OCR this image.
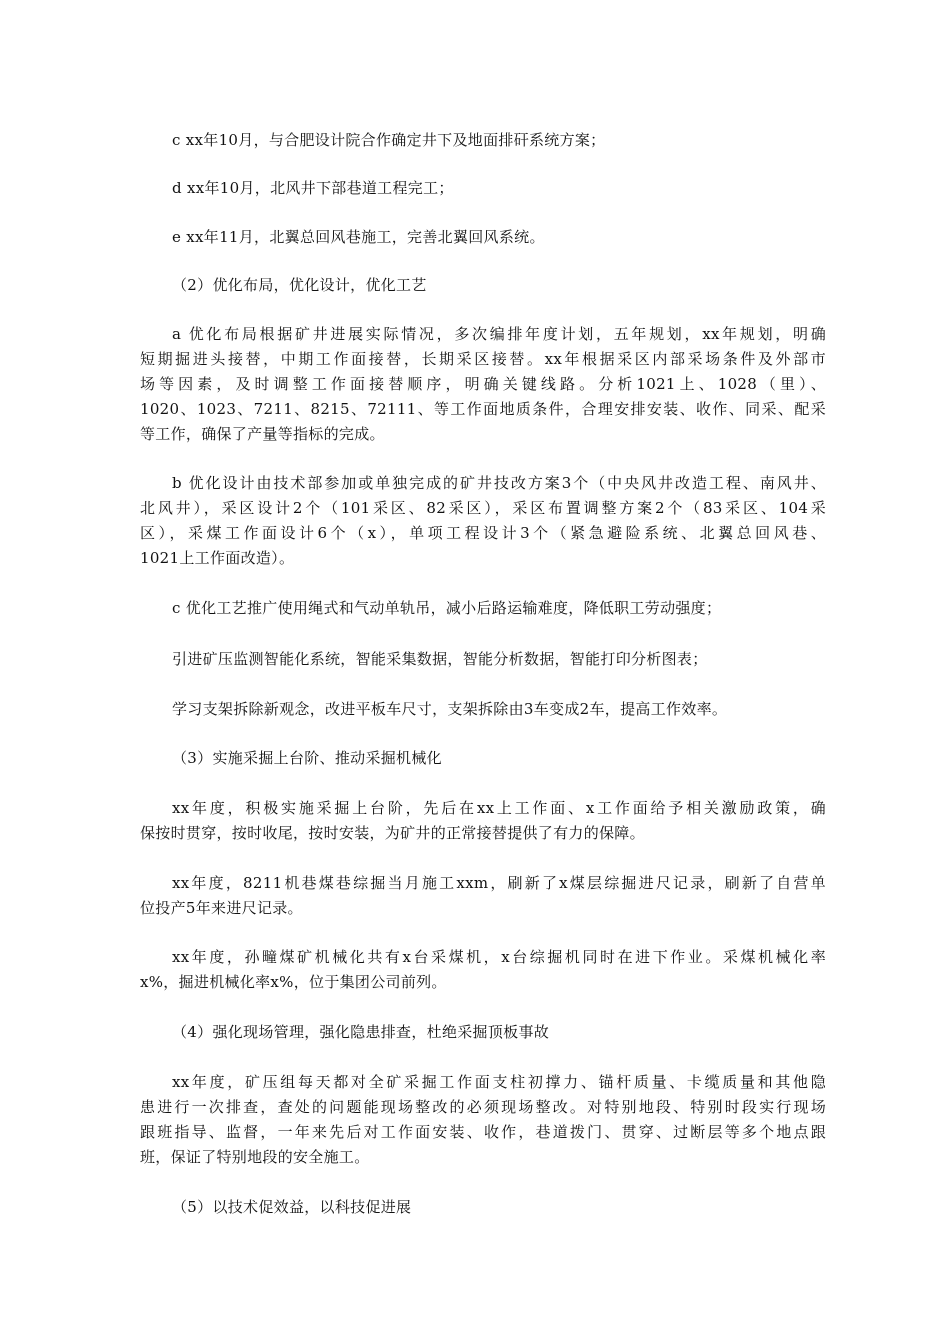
c xx年10月，与合肥设计院合作确定井下及地面排矸系统方案；
d xx年10月，北风井下部巷道工程完工；
e xx年11月，北翼总回风巷施工，完善北翼回风系统。
（2）优化布局，优化设计，优化工艺
a 优化布局根据矿井进展实际情况，多次编排年度计划，五年规划，xx年规划，明确
短期掘进头接替，中期工作面接替，长期采区接替。xx年根据采区内部采场条件及外部市
场等因素，及时调整工作面接替顺序，明确关键线路。分析1021上、1028（里）、
1020、1023、7211、8215、72111、等工作面地质条件，合理安排安装、收作、同采、配采
等工作，确保了产量等指标的完成。
b 优化设计由技术部参加或单独完成的矿井技改方案3个（中央风井改造工程、南风井、
北风井），采区设计2个（101采区、82采区），采区布置调整方案2个（83采区、104采
区），采煤工作面设计6个（x），单项工程设计3个（紧急避险系统、北翼总回风巷、
1021上工作面改造）。
c 优化工艺推广使用绳式和气动单轨吊，减小后路运输难度，降低职工劳动强度；
引进矿压监测智能化系统，智能采集数据，智能分析数据，智能打印分析图表；
学习支架拆除新观念，改进平板车尺寸，支架拆除由3车变成2车，提高工作效率。
（3）实施采掘上台阶、推动采掘机械化
xx年度，积极实施采掘上台阶，先后在xx上工作面、x工作面给予相关激励政策，确
保按时贯穿，按时收尾，按时安装，为矿井的正常接替提供了有力的保障。
xx年度，8211机巷煤巷综掘当月施工xxm，刷新了x煤层综掘进尺记录，刷新了自营单
位投产5年来进尺记录。
xx年度，孙疃煤矿机械化共有x台采煤机，x台综掘机同时在进下作业。采煤机械化率
x%，掘进机械化率x%，位于集团公司前列。
（4）强化现场管理，强化隐患排查，杜绝采掘顶板事故
xx年度，矿压组每天都对全矿采掘工作面支柱初撑力、锚杆质量、卡缆质量和其他隐
患进行一次排查，查处的问题能现场整改的必须现场整改。对特别地段、特别时段实行现场
跟班指导、监督，一年来先后对工作面安装、收作，巷道拨门、贯穿、过断层等多个地点跟
班，保证了特别地段的安全施工。
（5）以技术促效益，以科技促进展
